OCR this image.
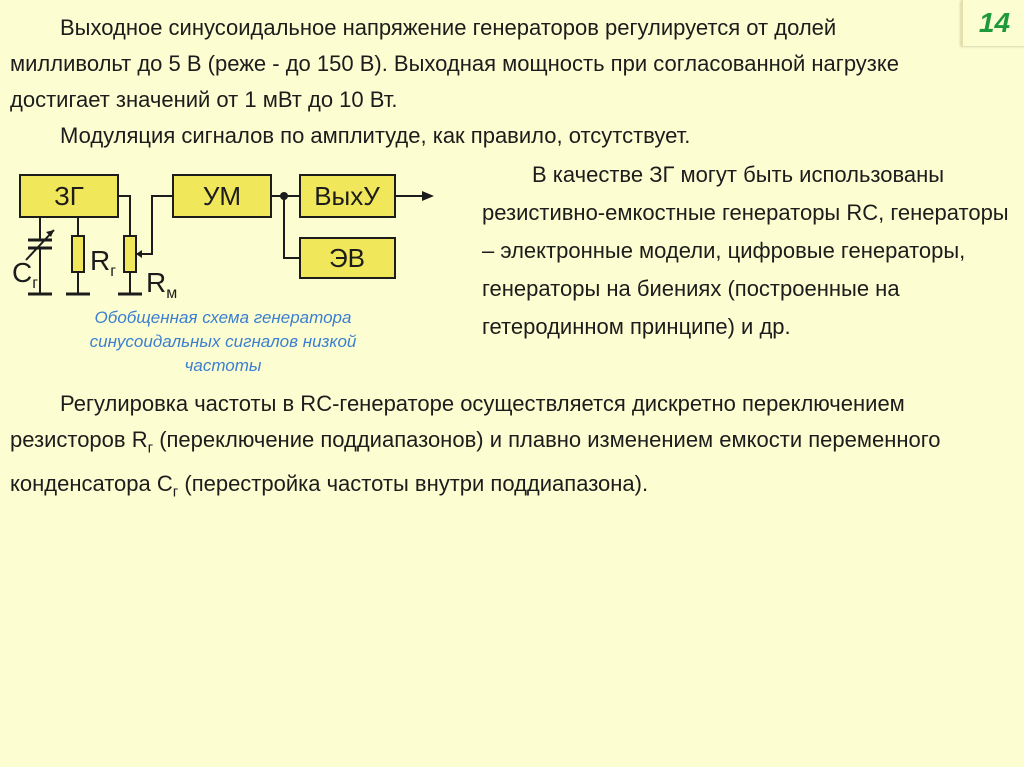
14

Выходное синусоидальное напряжение генераторов регулируется от долей милливольт до 5 В (реже - до 150 В). Выходная мощность при согласованной нагрузке достигает значений от 1 мВт до 10 Вт.

Модуляция сигналов по амплитуде, как правило, отсутствует.

В качестве ЗГ могут быть использованы резистивно-емкостные генераторы RC, генераторы – электронные модели, цифровые генераторы, генераторы на биениях (построенные на гетеродинном принципе) и др.

Регулировка частоты в RC-генераторе осуществляется дискретно переключением резисторов $R_г$ (переключение поддиапазонов) и плавно изменением емкости переменного конденсатора $C_г$ (перестройка частоты внутри поддиапазона).

ЗГ	УМ	ВыхУ
ЭВ
$C_г$
$R_г$ $R_м$
Обобщенная схема генератора синусоидальных сигналов низкой частоты
